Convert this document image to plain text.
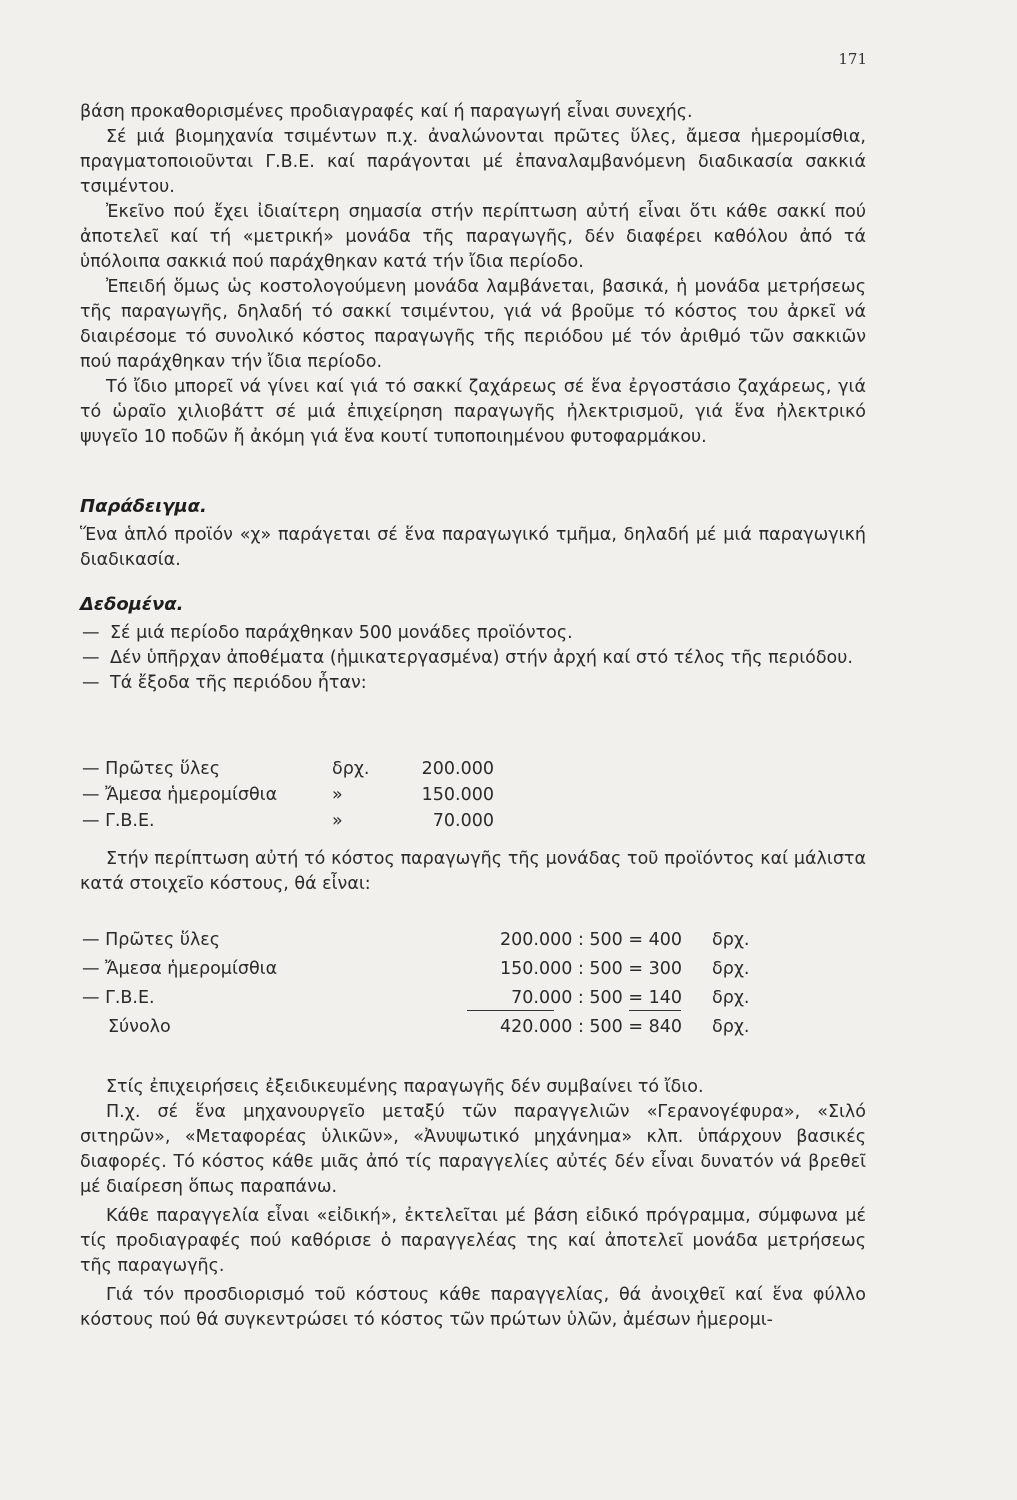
171

βάση προκαθορισμένες προδιαγραφές καί ή παραγωγή εἶναι συνεχής.

Σέ μιά βιομηχανία τσιμέντων π.χ. ἀναλώνονται πρῶτες ὕλες, ἄμεσα ἡμερομίσθια, πραγματοποιοῦνται Γ.Β.Ε. καί παράγονται μέ ἐπαναλαμβανόμενη διαδικασία σακκιά τσιμέντου.

Ἐκεῖνο πού ἔχει ἰδιαίτερη σημασία στήν περίπτωση αὐτή εἶναι ὅτι κάθε σακκί πού ἀποτελεῖ καί τή «μετρική» μονάδα τῆς παραγωγῆς, δέν διαφέρει καθόλου ἀπό τά ὑπόλοιπα σακκιά πού παράχθηκαν κατά τήν ἴδια περίοδο.

Ἐπειδή ὅμως ὡς κοστολογούμενη μονάδα λαμβάνεται, βασικά, ἡ μονάδα μετρήσεως τῆς παραγωγῆς, δηλαδή τό σακκί τσιμέντου, γιά νά βροῦμε τό κόστος του ἀρκεῖ νά διαιρέσομε τό συνολικό κόστος παραγωγῆς τῆς περιόδου μέ τόν ἀριθμό τῶν σακκιῶν πού παράχθηκαν τήν ἴδια περίοδο.

Τό ἴδιο μπορεῖ νά γίνει καί γιά τό σακκί ζαχάρεως σέ ἕνα ἐργοστάσιο ζαχάρεως, γιά τό ὡραῖο χιλιοβάττ σέ μιά ἐπιχείρηση παραγωγῆς ἠλεκτρισμοῦ, γιά ἕνα ἠλεκτρικό ψυγεῖο 10 ποδῶν ἤ ἀκόμη γιά ἕνα κουτί τυποποιημένου φυτοφαρμάκου.

Παράδειγμα.

Ἕνα ἁπλό προϊόν «χ» παράγεται σέ ἕνα παραγωγικό τμῆμα, δηλαδή μέ μιά παραγωγική διαδικασία.

Δεδομένα.

— Σέ μιά περίοδο παράχθηκαν 500 μονάδες προϊόντος.
— Δέν ὑπῆρχαν ἀποθέματα (ἡμικατεργασμένα) στήν ἀρχή καί στό τέλος τῆς περιόδου.
— Τά ἔξοδα τῆς περιόδου ἦταν:
— Πρῶτες ὕλες	δρχ.	200.000
— Ἄμεσα ἡμερομίσθια	»	150.000
— Γ.Β.Ε.	»	70.000

Στήν περίπτωση αὐτή τό κόστος παραγωγῆς τῆς μονάδας τοῦ προϊόντος καί μάλιστα κατά στοιχεῖο κόστους, θά εἶναι:

— Πρῶτες ὕλες	200.000 : 500 = 400 δρχ.
— Ἄμεσα ἡμερομίσθια	150.000 : 500 = 300 δρχ.
— Γ.Β.Ε.	70.000 : 500 = 140 δρχ.
Σύνολο	420.000 : 500 = 840 δρχ.

Στίς ἐπιχειρήσεις ἐξειδικευμένης παραγωγῆς δέν συμβαίνει τό ἴδιο.

Π.χ. σέ ἕνα μηχανουργεῖο μεταξύ τῶν παραγγελιῶν «Γερανογέφυρα», «Σιλό σιτηρῶν», «Μεταφορέας ὑλικῶν», «Ἀνυψωτικό μηχάνημα» κλπ. ὑπάρχουν βασικές διαφορές. Τό κόστος κάθε μιᾶς ἀπό τίς παραγγελίες αὐτές δέν εἶναι δυνατόν νά βρεθεῖ μέ διαίρεση ὅπως παραπάνω.

Κάθε παραγγελία εἶναι «εἰδική», ἐκτελεῖται μέ βάση εἰδικό πρόγραμμα, σύμφωνα μέ τίς προδιαγραφές πού καθόρισε ὁ παραγγελέας της καί ἀποτελεῖ μονάδα μετρήσεως τῆς παραγωγῆς.

Γιά τόν προσδιορισμό τοῦ κόστους κάθε παραγγελίας, θά ἀνοιχθεῖ καί ἕνα φύλλο κόστους πού θά συγκεντρώσει τό κόστος τῶν πρώτων ὑλῶν, ἀμέσων ἡμερομι-
